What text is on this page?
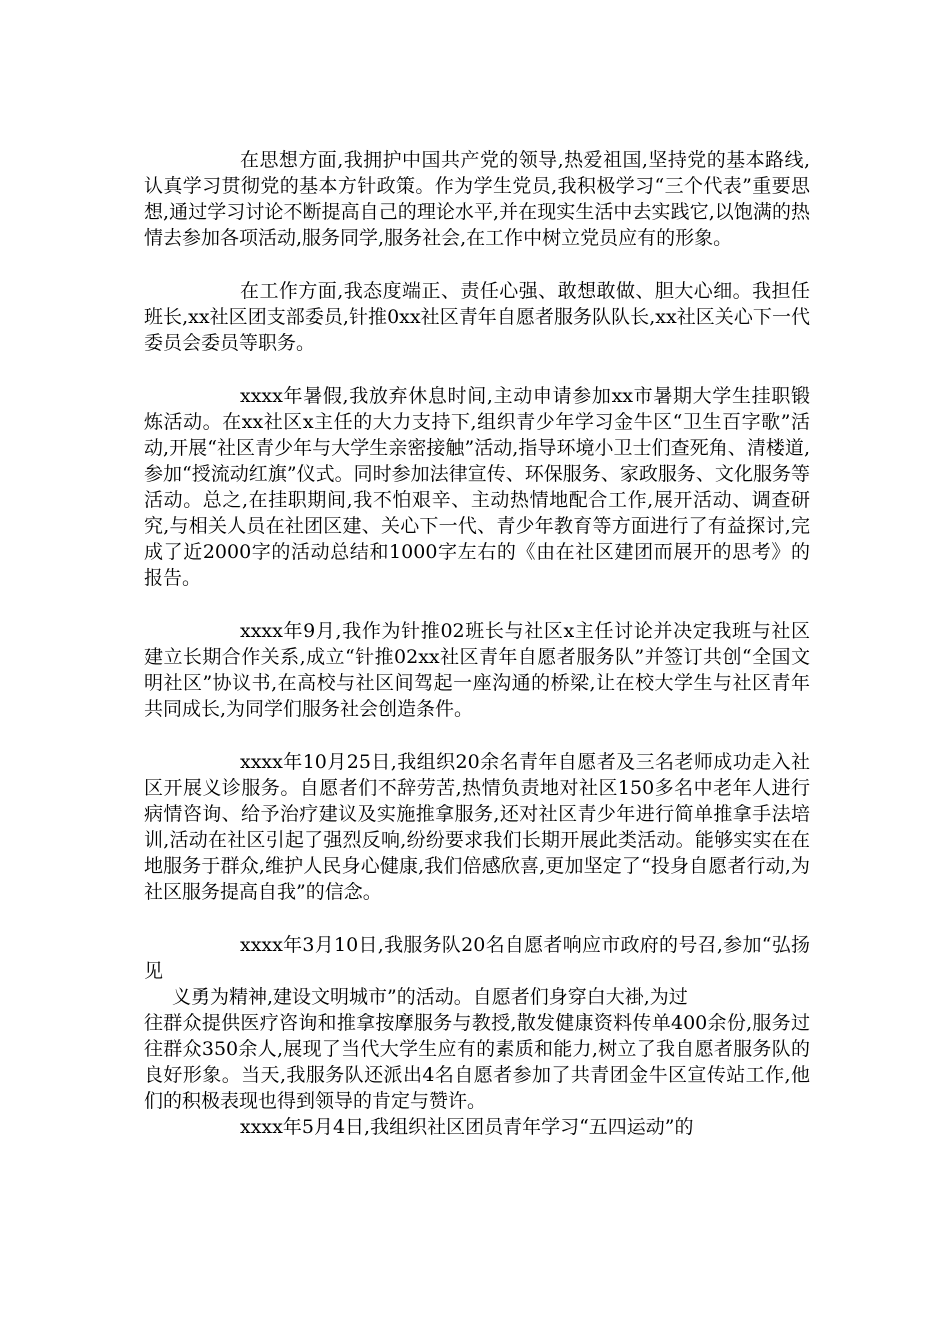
在思想方面,我拥护中国共产党的领导,热爱祖国,坚持党的基本路线,认真学习贯彻党的基本方针政策。作为学生党员,我积极学习“三个代表”重要思想,通过学习讨论不断提高自己的理论水平,并在现实生活中去实践它,以饱满的热情去参加各项活动,服务同学,服务社会,在工作中树立党员应有的形象。

在工作方面,我态度端正、责任心强、敢想敢做、胆大心细。我担任班长,xx社区团支部委员,针推0xx社区青年自愿者服务队队长,xx社区关心下一代委员会委员等职务。

xxxx年暑假,我放弃休息时间,主动申请参加xx市暑期大学生挂职锻炼活动。在xx社区x主任的大力支持下,组织青少年学习金牛区“卫生百字歌”活动,开展“社区青少年与大学生亲密接触”活动,指导环境小卫士们查死角、清楼道,参加“授流动红旗”仪式。同时参加法律宣传、环保服务、家政服务、文化服务等活动。总之,在挂职期间,我不怕艰辛、主动热情地配合工作,展开活动、调查研究,与相关人员在社团区建、关心下一代、青少年教育等方面进行了有益探讨,完成了近2000字的活动总结和1000字左右的《由在社区建团而展开的思考》的报告。

xxxx年9月,我作为针推02班长与社区x主任讨论并决定我班与社区建立长期合作关系,成立“针推02xx社区青年自愿者服务队”并签订共创“全国文明社区”协议书,在高校与社区间驾起一座沟通的桥梁,让在校大学生与社区青年共同成长,为同学们服务社会创造条件。

xxxx年10月25日,我组织20余名青年自愿者及三名老师成功走入社区开展义诊服务。自愿者们不辞劳苦,热情负责地对社区150多名中老年人进行病情咨询、给予治疗建议及实施推拿服务,还对社区青少年进行简单推拿手法培训,活动在社区引起了强烈反响,纷纷要求我们长期开展此类活动。能够实实在在地服务于群众,维护人民身心健康,我们倍感欣喜,更加坚定了“投身自愿者行动,为社区服务提高自我”的信念。

xxxx年3月10日,我服务队20名自愿者响应市政府的号召,参加“弘扬见

义勇为精神,建设文明城市”的活动。自愿者们身穿白大褂,为过
往群众提供医疗咨询和推拿按摩服务与教授,散发健康资料传单400余份,服务过往群众350余人,展现了当代大学生应有的素质和能力,树立了我自愿者服务队的良好形象。当天,我服务队还派出4名自愿者参加了共青团金牛区宣传站工作,他们的积极表现也得到领导的肯定与赞许。

xxxx年5月4日,我组织社区团员青年学习“五四运动”的
